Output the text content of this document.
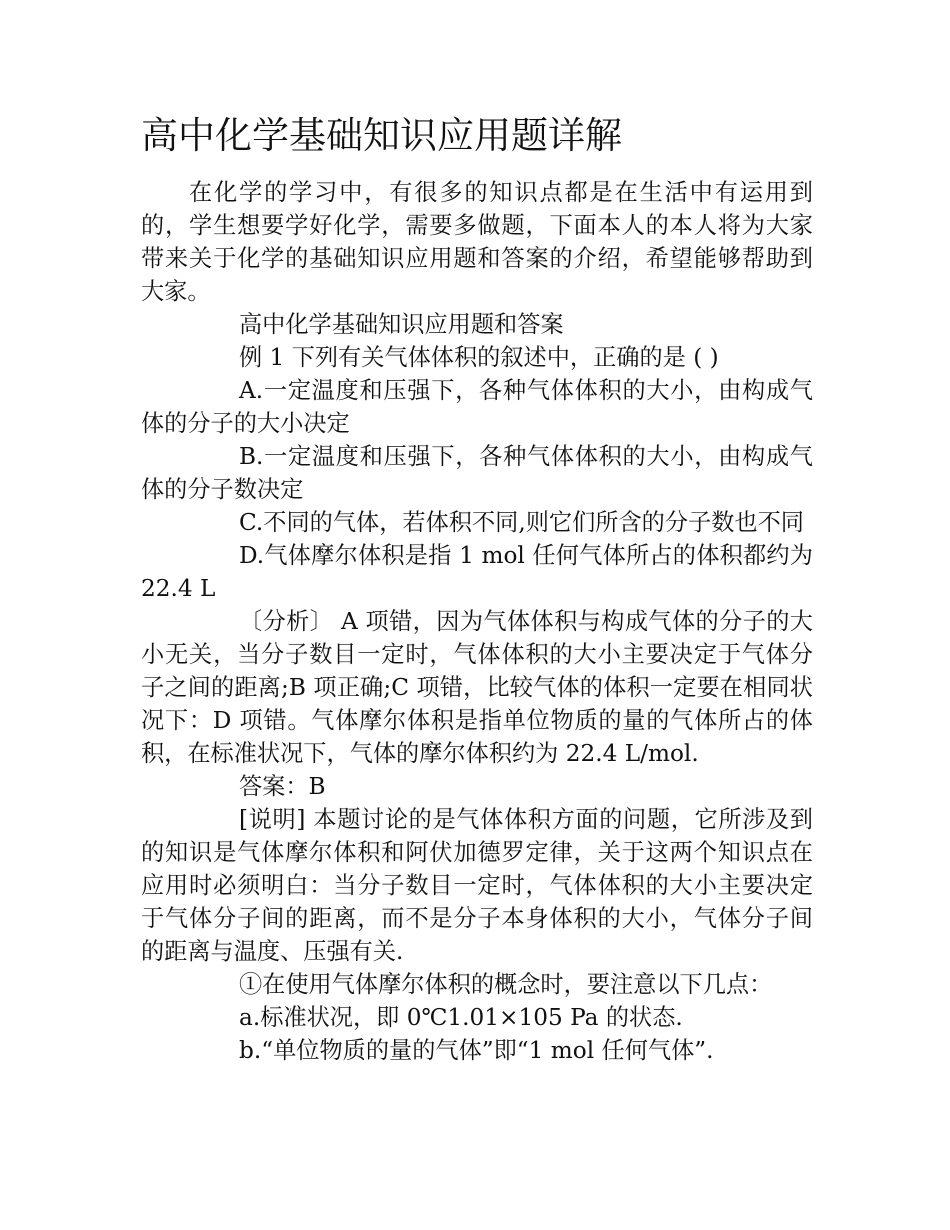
高中化学基础知识应用题详解

在化学的学习中，有很多的知识点都是在生活中有运用到的，学生想要学好化学，需要多做题，下面本人的本人将为大家带来关于化学的基础知识应用题和答案的介绍，希望能够帮助到大家。

高中化学基础知识应用题和答案

例 1 下列有关气体体积的叙述中，正确的是 ( )

A.一定温度和压强下，各种气体体积的大小，由构成气体的分子的大小决定

B.一定温度和压强下，各种气体体积的大小，由构成气体的分子数决定

C.不同的气体，若体积不同,则它们所含的分子数也不同

D.气体摩尔体积是指 1 mol 任何气体所占的体积都约为 22.4 L

〔分析〕 A 项错，因为气体体积与构成气体的分子的大小无关，当分子数目一定时，气体体积的大小主要决定于气体分子之间的距离;B 项正确;C 项错，比较气体的体积一定要在相同状况下：D 项错。气体摩尔体积是指单位物质的量的气体所占的体积，在标准状况下，气体的摩尔体积约为 22.4 L/mol.

答案：B

[说明] 本题讨论的是气体体积方面的问题，它所涉及到的知识是气体摩尔体积和阿伏加德罗定律，关于这两个知识点在应用时必须明白：当分子数目一定时，气体体积的大小主要决定于气体分子间的距离，而不是分子本身体积的大小，气体分子间的距离与温度、压强有关.

①在使用气体摩尔体积的概念时，要注意以下几点：

a.标准状况，即 0℃1.01×105 Pa 的状态.

b.“单位物质的量的气体”即“1 mol 任何气体”.
